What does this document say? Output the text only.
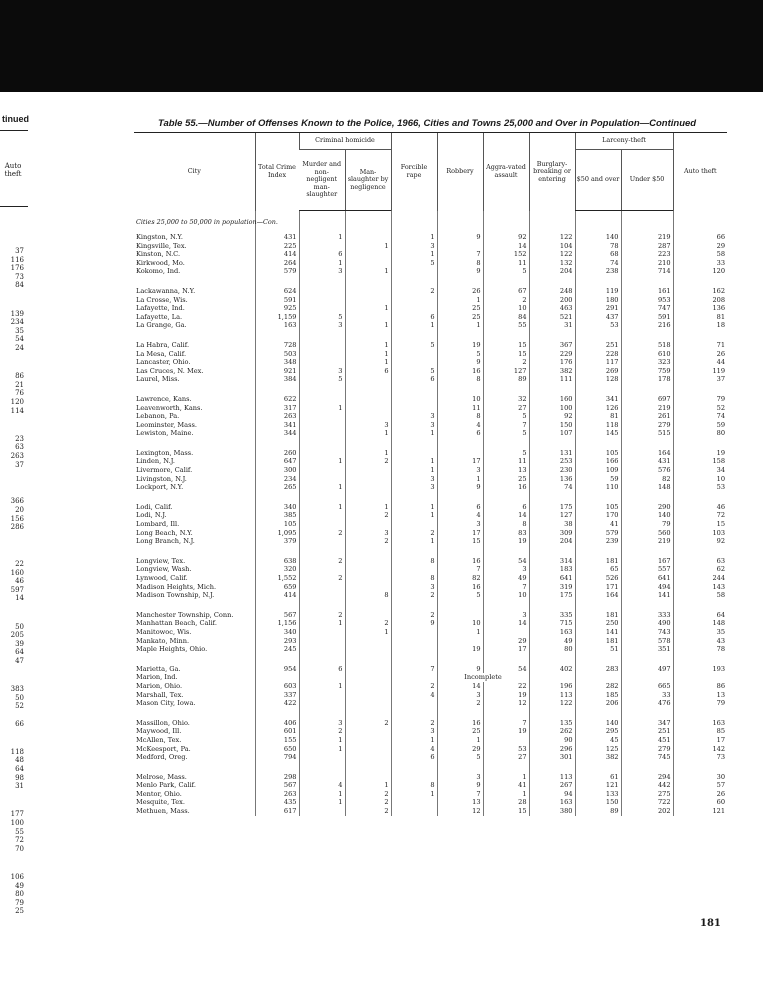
tinued
Auto theft
37
116
176
73
84
139
234
35
54
24
86
21
76
120
114
23
63
263
37
366
20
156
286
22
160
46
597
14
50
205
39
64
47
383
50
52
66
118
48
64
98
31
177
100
55
72
70
106
49
80
79
25
Table 55.—Number of Offenses Known to the Police, 1966, Cities and Towns 25,000 and Over in Population—Continued
City	Total Crime Index	Criminal homicide		Forcible rape	Robbery	Aggra-vated assault	Burglary-breaking or entering	Larceny-theft		Auto theft
		Murder and non-negligent man-slaughter	Man-slaughter by negligence					$50 and over	Under $50	
Cities 25,000 to 50,000 in population—Con.										
Kingston, N.Y.	431	1		1	9	92	122	140	219	66
Kingsville, Tex.	225		1	3		14	104	78	287	29
Kinston, N.C.	414	6		1	7	152	122	68	223	58
Kirkwood, Mo.	264	1		5	8	11	132	74	210	33
Kokomo, Ind.	579	3	1		9	5	204	238	714	120

Lackawanna, N.Y.	624			2	26	67	248	119	161	162
La Crosse, Wis.	591				1	2	200	180	953	208
Lafayette, Ind.	925		1		25	10	463	291	747	136
Lafayette, La.	1,159	5		6	25	84	521	437	591	81
La Grange, Ga.	163	3	1	1	1	55	31	53	216	18

La Habra, Calif.	728		1	5	19	15	367	251	518	71
La Mesa, Calif.	503		1		5	15	229	228	610	26
Lancaster, Ohio.	348		1		9	2	176	117	323	44
Las Cruces, N. Mex.	921	3	6	5	16	127	382	269	759	119
Laurel, Miss.	384	5		6	8	89	111	128	178	37

Lawrence, Kans.	622				10	32	160	341	697	79
Leavenworth, Kans.	317	1			11	27	100	126	219	52
Lebanon, Pa.	263			3	8	5	92	81	261	74
Leominster, Mass.	341		3	3	4	7	150	118	279	59
Lewiston, Maine.	344		1	1	6	5	107	145	515	80

Lexington, Mass.	260		1			5	131	105	164	19
Linden, N.J.	647	1	2	1	17	11	253	166	431	158
Livermore, Calif.	300			1	3	13	230	109	576	34
Livingston, N.J.	234			3	1	25	136	59	82	10
Lockport, N.Y.	265	1		3	9	16	74	110	148	53

Lodi, Calif.	340	1	1	1	6	6	175	105	290	46
Lodi, N.J.	385		2	1	4	14	127	170	140	72
Lombard, Ill.	105				3	8	38	41	79	15
Long Beach, N.Y.	1,095	2	3	2	17	83	309	579	560	103
Long Branch, N.J.	379		2	1	15	19	204	239	219	92

Longview, Tex.	638	2		8	16	54	314	181	167	63
Longview, Wash.	320				7	3	183	65	557	62
Lynwood, Calif.	1,552	2		8	82	49	641	526	641	244
Madison Heights, Mich.	659			3	16	7	319	171	494	143
Madison Township, N.J.	414		8	2	5	10	175	164	141	58

Manchester Township, Conn.	567	2		2		3	335	181	333	64
Manhattan Beach, Calif.	1,156	1	2	9	10	14	715	250	490	148
Manitowoc, Wis.	340		1		1		163	141	743	35
Mankato, Minn.	293					29	49	181	578	43
Maple Heights, Ohio.	245				19	17	80	51	351	78

Marietta, Ga.	954	6		7	9	54	402	283	497	193
Marion, Ind.					Incomplete					
Marion, Ohio.	603	1		2	14	22	196	282	665	86
Marshall, Tex.	337			4	3	19	113	185	33	13
Mason City, Iowa.	422				2	12	122	206	476	79

Massillon, Ohio.	406	3	2	2	16	7	135	140	347	163
Maywood, Ill.	601	2		3	25	19	262	295	251	85
McAllen, Tex.	155	1		1	1		90	45	451	17
McKeesport, Pa.	650	1		4	29	53	296	125	279	142
Medford, Oreg.	794			6	5	27	301	382	745	73

Melrose, Mass.	298				3	1	113	61	294	30
Menlo Park, Calif.	567	4	1	8	9	41	267	121	442	57
Mentor, Ohio.	263	1	2	1	7	1	94	133	275	26
Mesquite, Tex.	435	1	2		13	28	163	150	722	60
Methuen, Mass.	617		2		12	15	380	89	202	121
181
